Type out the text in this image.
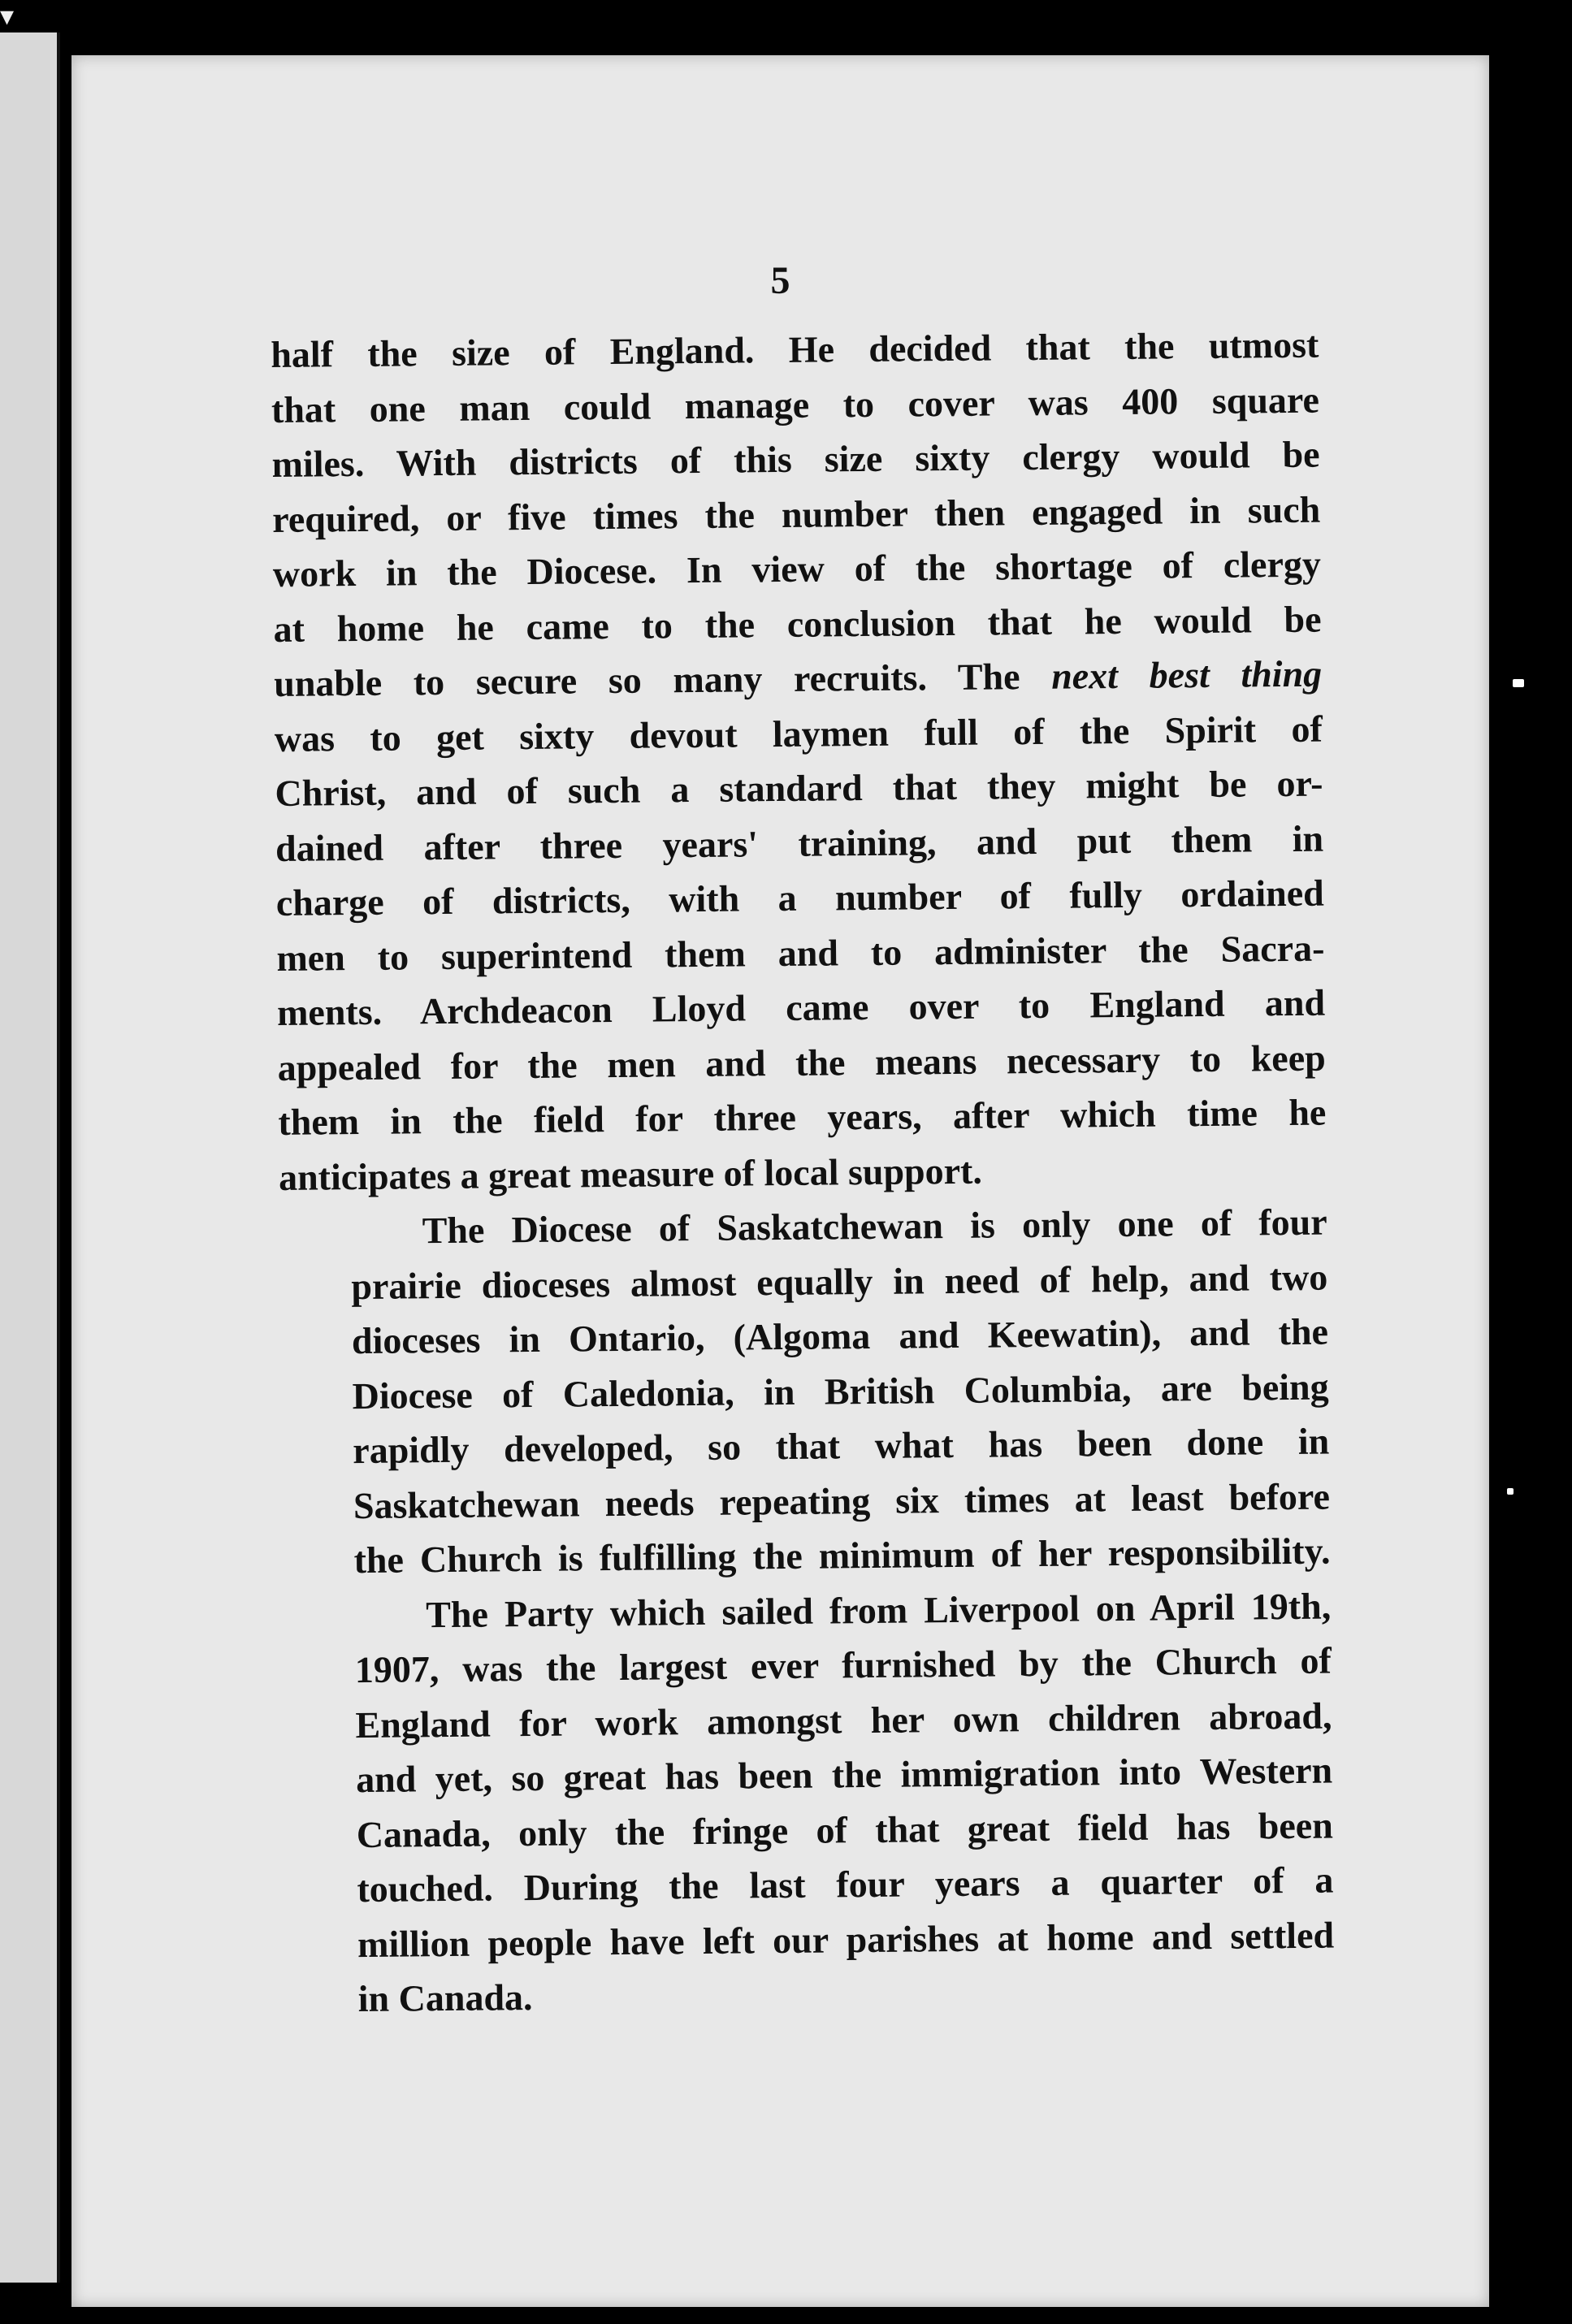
5

half the size of England. He decided that the utmost
that one man could manage to cover was 400 square
miles. With districts of this size sixty clergy would be
required, or five times the number then engaged in such
work in the Diocese. In view of the shortage of clergy
at home he came to the conclusion that he would be
unable to secure so many recruits. The next best thing
was to get sixty devout laymen full of the Spirit of
Christ, and of such a standard that they might be or-
dained after three years' training, and put them in
charge of districts, with a number of fully ordained
men to superintend them and to administer the Sacra-
ments. Archdeacon Lloyd came over to England and
appealed for the men and the means necessary to keep
them in the field for three years, after which time he
anticipates a great measure of local support.

The Diocese of Saskatchewan is only one of four
prairie dioceses almost equally in need of help, and two
dioceses in Ontario, (Algoma and Keewatin), and the
Diocese of Caledonia, in British Columbia, are being
rapidly developed, so that what has been done in
Saskatchewan needs repeating six times at least before
the Church is fulfilling the minimum of her responsibility.

The Party which sailed from Liverpool on April 19th,
1907, was the largest ever furnished by the Church of
England for work amongst her own children abroad,
and yet, so great has been the immigration into Western
Canada, only the fringe of that great field has been
touched. During the last four years a quarter of a
million people have left our parishes at home and settled
in Canada.

▾
